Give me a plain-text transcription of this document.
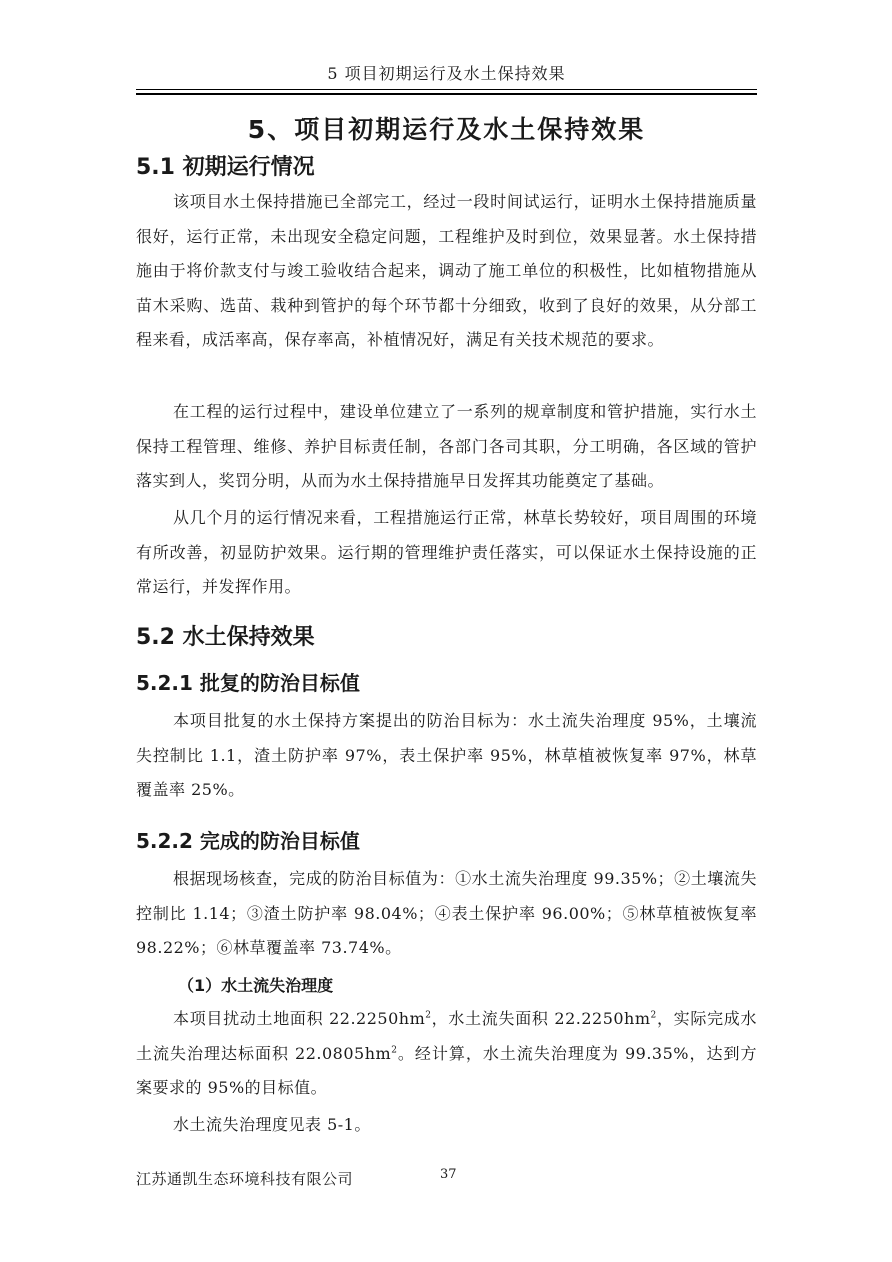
5 项目初期运行及水土保持效果
5、项目初期运行及水土保持效果
5.1 初期运行情况
该项目水土保持措施已全部完工，经过一段时间试运行，证明水土保持措施质量很好，运行正常，未出现安全稳定问题，工程维护及时到位，效果显著。水土保持措施由于将价款支付与竣工验收结合起来，调动了施工单位的积极性，比如植物措施从苗木采购、选苗、栽种到管护的每个环节都十分细致，收到了良好的效果，从分部工程来看，成活率高，保存率高，补植情况好，满足有关技术规范的要求。
在工程的运行过程中，建设单位建立了一系列的规章制度和管护措施，实行水土保持工程管理、维修、养护目标责任制，各部门各司其职，分工明确，各区域的管护落实到人，奖罚分明，从而为水土保持措施早日发挥其功能奠定了基础。
从几个月的运行情况来看，工程措施运行正常，林草长势较好，项目周围的环境有所改善，初显防护效果。运行期的管理维护责任落实，可以保证水土保持设施的正常运行，并发挥作用。
5.2 水土保持效果
5.2.1 批复的防治目标值
本项目批复的水土保持方案提出的防治目标为：水土流失治理度 95%，土壤流失控制比 1.1，渣土防护率 97%，表土保护率 95%，林草植被恢复率 97%，林草覆盖率 25%。
5.2.2 完成的防治目标值
根据现场核查，完成的防治目标值为：①水土流失治理度 99.35%；②土壤流失控制比 1.14；③渣土防护率 98.04%；④表土保护率 96.00%；⑤林草植被恢复率 98.22%；⑥林草覆盖率 73.74%。
（1）水土流失治理度
本项目扰动土地面积 $22.2250hm^2$，水土流失面积 $22.2250hm^2$，实际完成水土流失治理达标面积 $22.0805hm^2$。经计算，水土流失治理度为 99.35%，达到方案要求的 95%的目标值。
水土流失治理度见表 5-1。
江苏通凯生态环境科技有限公司	37
